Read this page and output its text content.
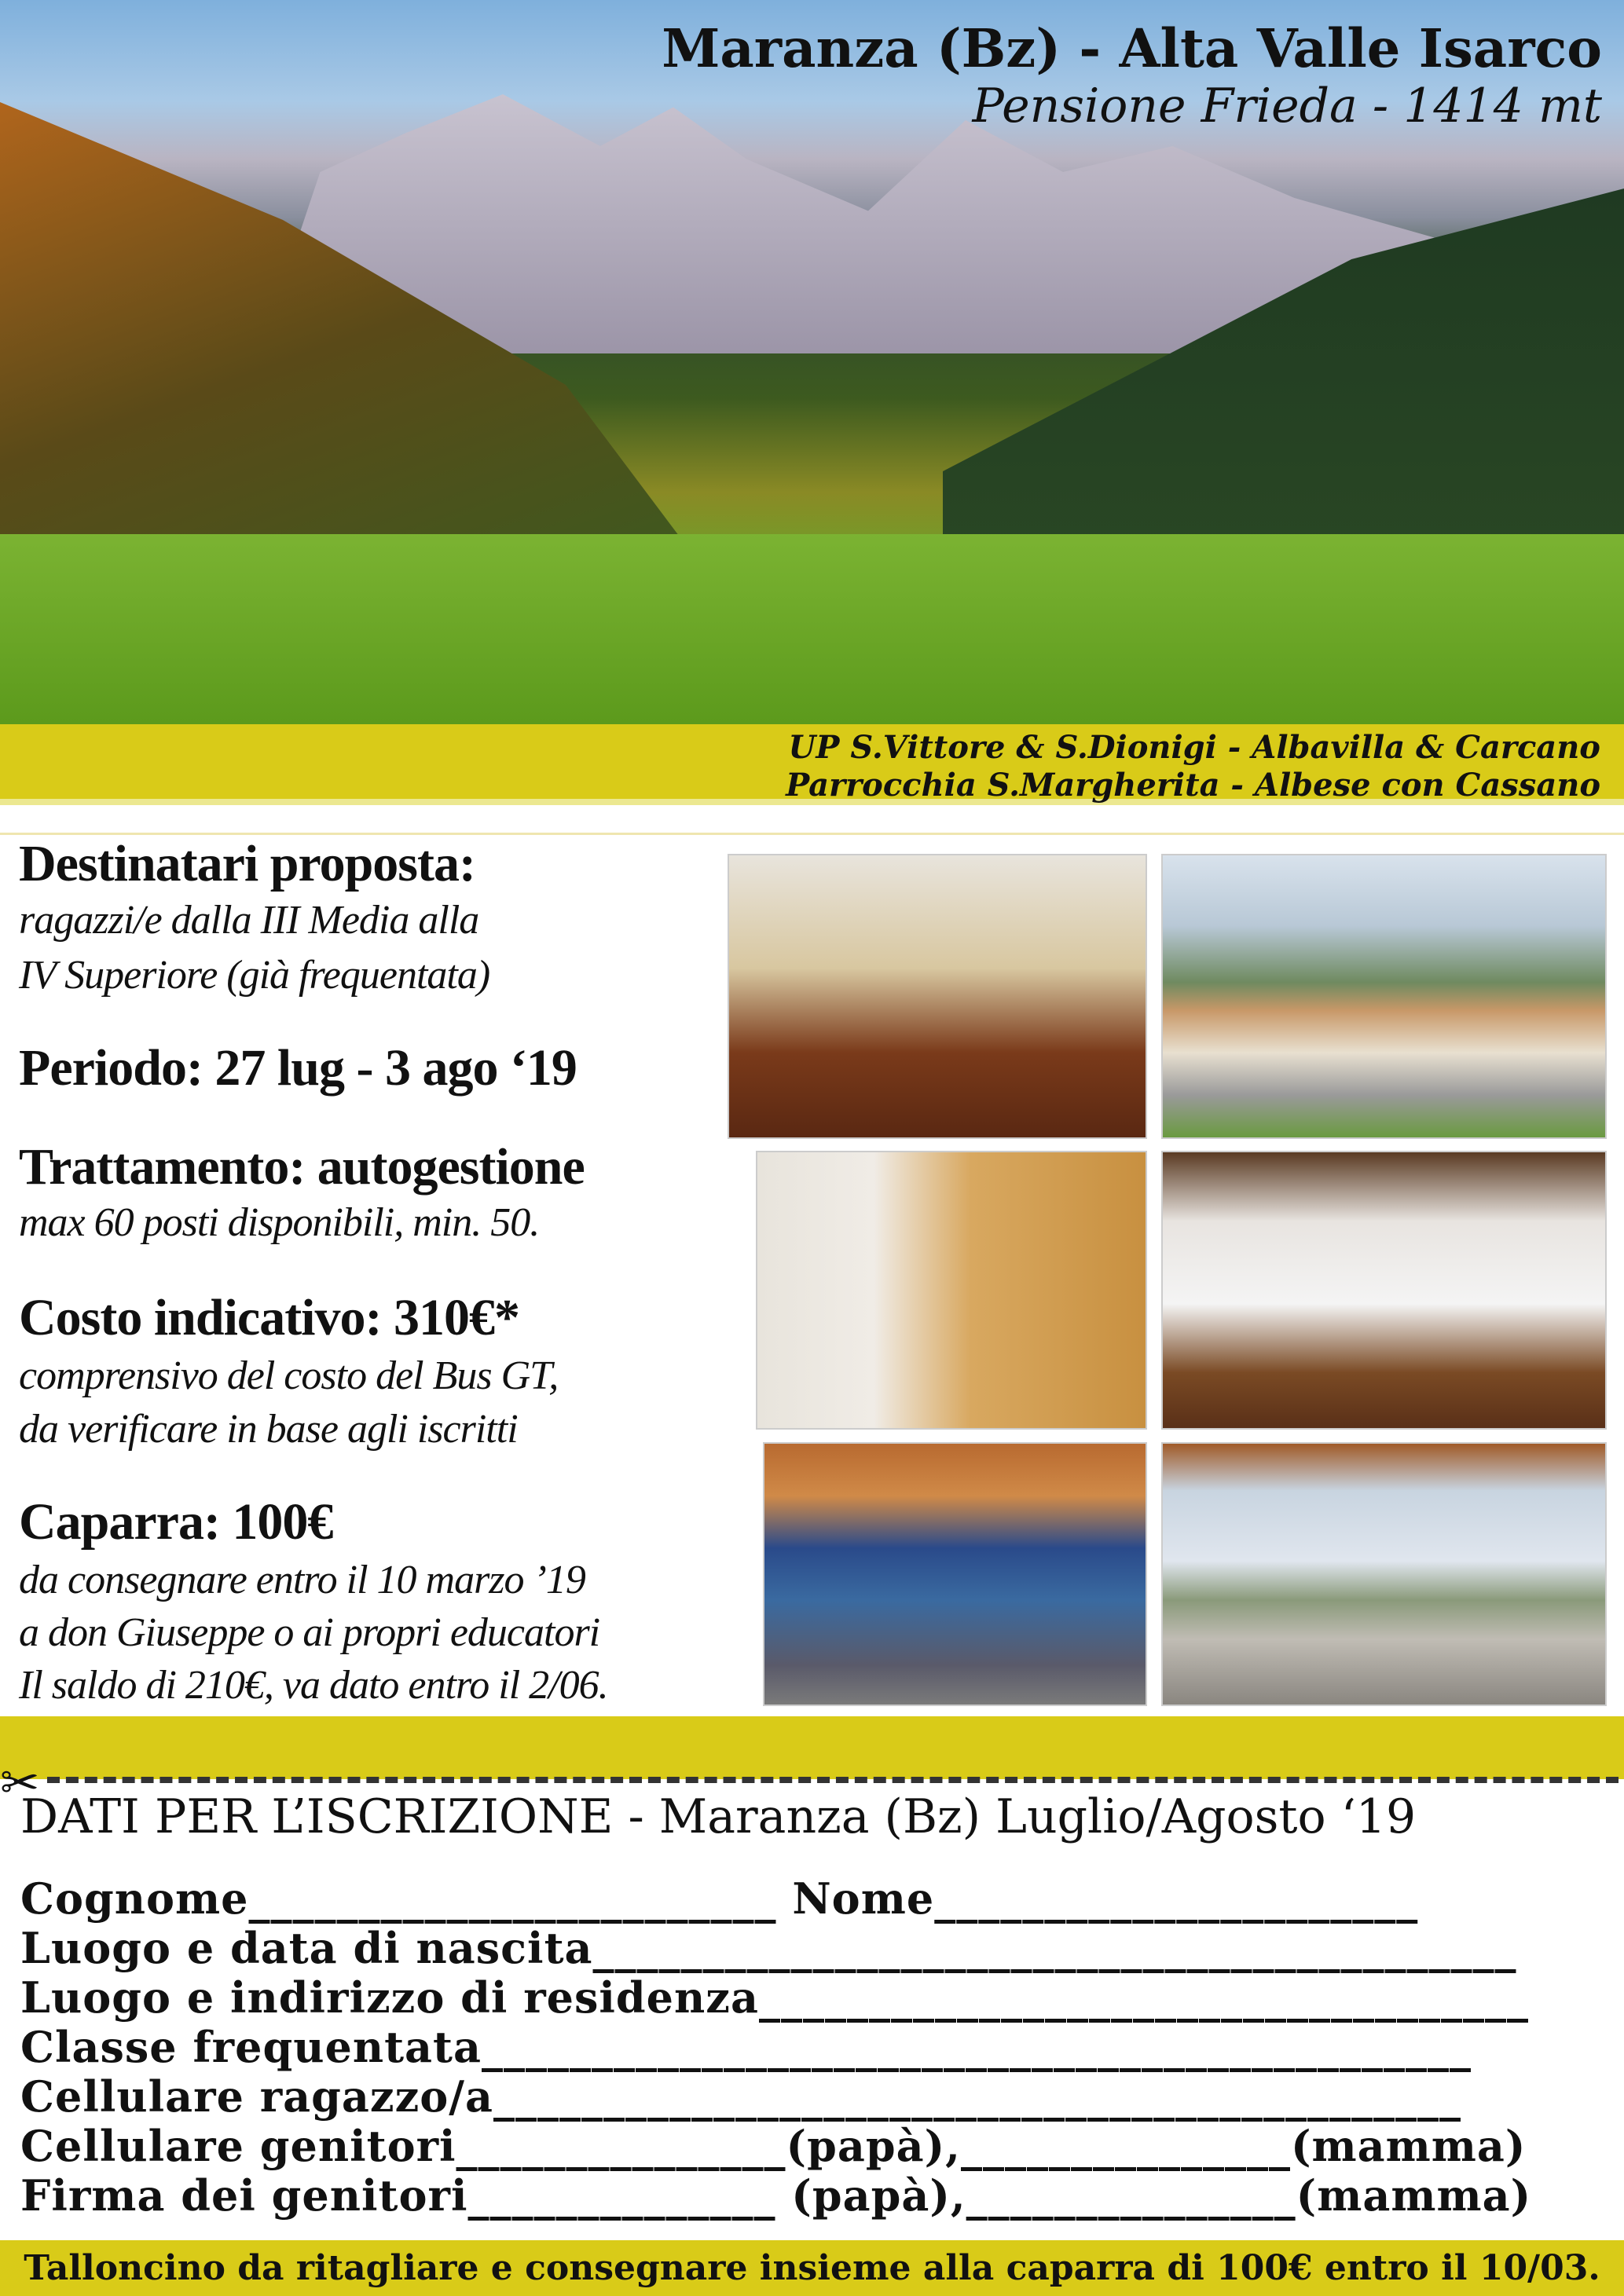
Maranza (Bz) - Alta Valle Isarco
Pensione Frieda - 1414 mt
UP S.Vittore & S.Dionigi - Albavilla & Carcano
Parrocchia S.Margherita - Albese con Cassano
Destinatari proposta:
ragazzi/e dalla III Media alla
IV Superiore (già frequentata)
Periodo: 27 lug - 3 ago ‘19
Trattamento: autogestione
max 60 posti disponibili, min. 50.
Costo indicativo: 310€*
comprensivo del costo del Bus GT,
da verificare in base agli iscritti
Caparra: 100€
da consegnare entro il 10 marzo ’19
a don Giuseppe o ai propri educatori
Il saldo di 210€, va dato entro il 2/06.
✂
DATI PER L’ISCRIZIONE - Maranza (Bz) Luglio/Agosto ‘19
Cognome________________________ Nome______________________
Luogo e data di nascita__________________________________________
Luogo e indirizzo di residenza___________________________________
Classe frequentata_____________________________________________
Cellulare ragazzo/a____________________________________________
Cellulare genitori_______________(papà),_______________(mamma)
Firma dei genitori______________ (papà),_______________(mamma)
Talloncino da ritagliare e consegnare insieme alla caparra di 100€ entro il 10/03.
